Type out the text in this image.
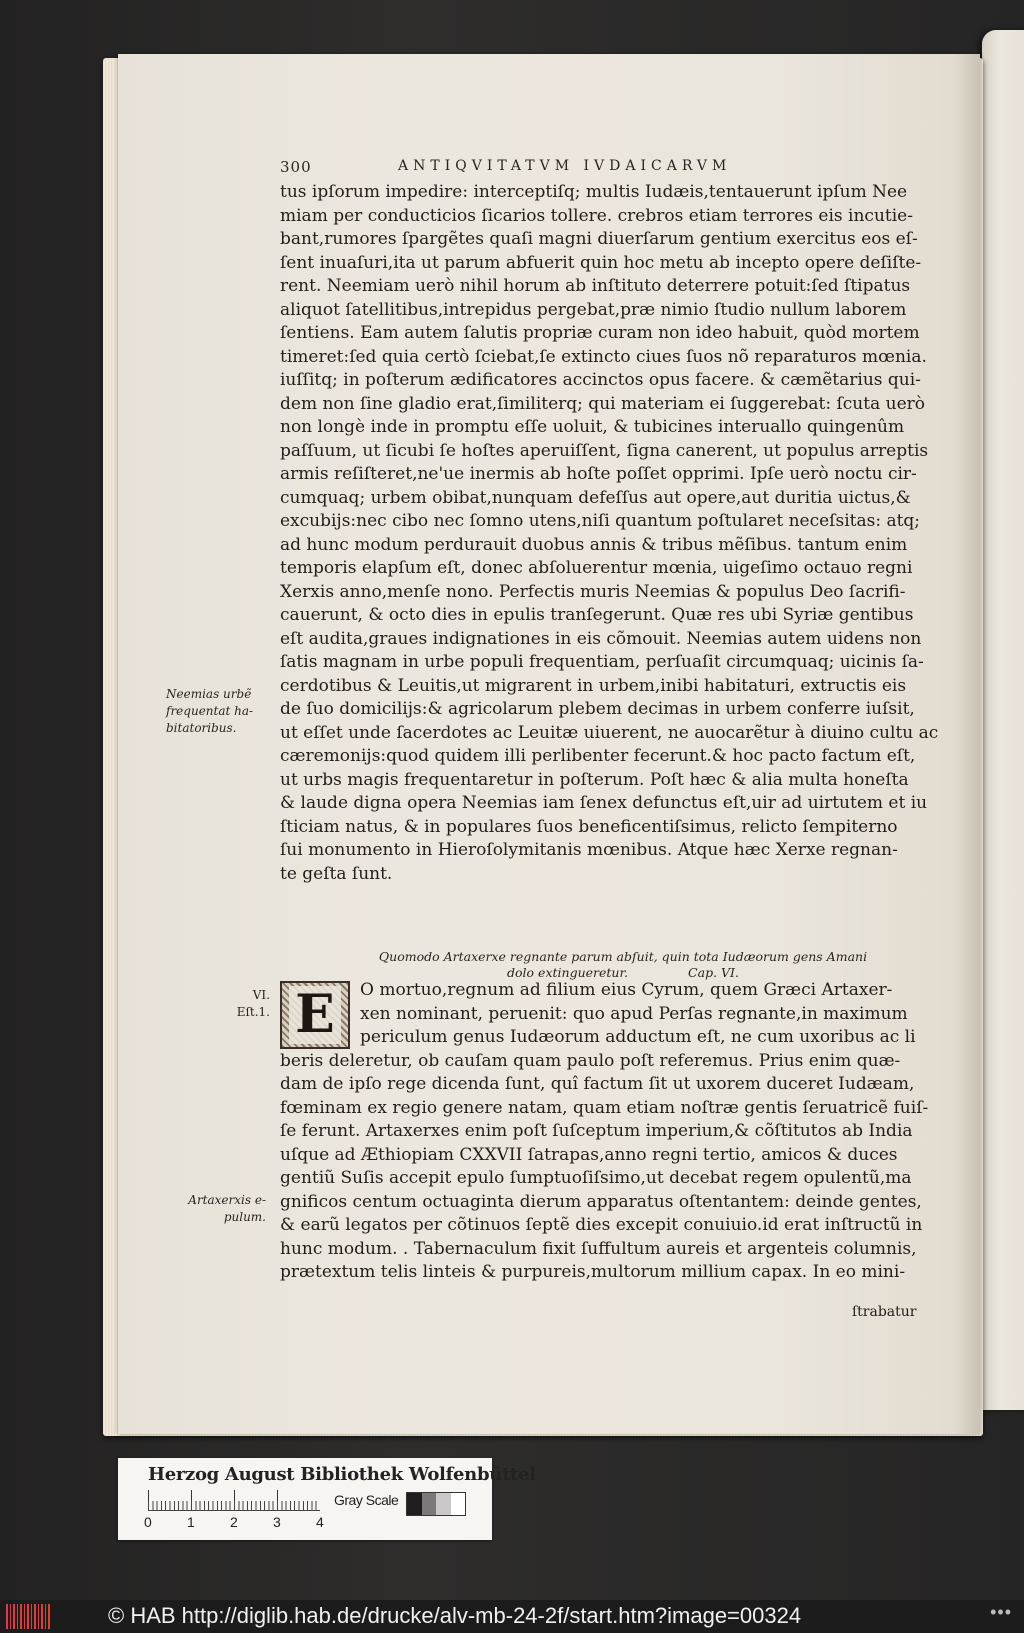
300	ANTIQVITATVM IVDAICARVM
tus ipſorum impedire: interceptiſq; multis Iudæis,tentauerunt ipſum Nee
miam per conducticios ſicarios tollere. crebros etiam terrores eis incutie-
bant,rumores ſpargẽtes quaſi magni diuerſarum gentium exercitus eos eſ-
ſent inuaſuri,ita ut parum abfuerit quin hoc metu ab incepto opere deſiſte-
rent. Neemiam uerò nihil horum ab inſtituto deterrere potuit:ſed ſtipatus
aliquot ſatellitibus,intrepidus pergebat,præ nimio ſtudio nullum laborem
ſentiens. Eam autem ſalutis propriæ curam non ideo habuit, quòd mortem
timeret:ſed quia certò ſciebat,ſe extincto ciues ſuos nõ reparaturos mœnia.
iuſſitq; in poſterum ædificatores accinctos opus facere. & cæmẽtarius qui-
dem non ſine gladio erat,ſimiliterq; qui materiam ei ſuggerebat: ſcuta uerò
non longè inde in promptu eſſe uoluit, & tubicines interuallo quingenûm
paſſuum, ut ſicubi ſe hoſtes aperuiſſent, ſigna canerent, ut populus arreptis
armis reſiſteret,ne'ue inermis ab hoſte poſſet opprimi. Ipſe uerò noctu cir-
cumquaq; urbem obibat,nunquam defeſſus aut opere,aut duritia uictus,&
excubijs:nec cibo nec ſomno utens,niſi quantum poſtularet neceſsitas: atq;
ad hunc modum perdurauit duobus annis & tribus mẽſibus. tantum enim
temporis elapſum eſt, donec abſoluerentur mœnia, uigeſimo octauo regni
Xerxis anno,menſe nono. Perfectis muris Neemias & populus Deo ſacrifi-
cauerunt, & octo dies in epulis tranſegerunt. Quæ res ubi Syriæ gentibus
eſt audita,graues indignationes in eis cõmouit. Neemias autem uidens non
ſatis magnam in urbe populi frequentiam, perſuaſit circumquaq; uicinis ſa-
cerdotibus & Leuitis,ut migrarent in urbem,inibi habitaturi, extructis eis
de ſuo domicilijs:& agricolarum plebem decimas in urbem conferre iuſsit,
ut eſſet unde ſacerdotes ac Leuitæ uiuerent, ne auocarẽtur à diuino cultu ac
cæremonijs:quod quidem illi perlibenter fecerunt.& hoc pacto factum eſt,
ut urbs magis frequentaretur in poſterum. Poſt hæc & alia multa honeſta
& laude digna opera Neemias iam ſenex defunctus eſt,uir ad uirtutem et iu
ſticiam natus, & in populares ſuos beneficentiſsimus, relicto ſempiterno
ſui monumento in Hieroſolymitanis mœnibus. Atque hæc Xerxe regnan-
te geſta ſunt.
Neemias urbẽ
frequentat ha-
bitatoribus.
Quomodo Artaxerxe regnante parum abſuit, quin tota Iudæorum gens Amani
dolo extingueretur.	Cap. VI.
VI.
Eſt.1. E	O mortuo,regnum ad filium eius Cyrum, quem Græci Artaxer-
xen nominant, peruenit: quo apud Perſas regnante,in maximum
periculum genus Iudæorum adductum eſt, ne cum uxoribus ac li
beris deleretur, ob cauſam quam paulo poſt referemus. Prius enim quæ-
dam de ipſo rege dicenda ſunt, quî factum ſit ut uxorem duceret Iudæam,
fœminam ex regio genere natam, quam etiam noſtræ gentis ſeruatricẽ fuiſ-
ſe ferunt. Artaxerxes enim poſt ſuſceptum imperium,& cõſtitutos ab India
uſque ad Æthiopiam CXXVII ſatrapas,anno regni tertio, amicos & duces
gentiũ Suſis accepit epulo ſumptuoſiſsimo,ut decebat regem opulentũ,ma
gnificos centum octuaginta dierum apparatus oſtentantem: deinde gentes,
& earũ legatos per cõtinuos ſeptẽ dies excepit conuiuio.id erat inſtructũ in
hunc modum. . Tabernaculum fixit ſuffultum aureis et argenteis columnis,
prætextum telis linteis & purpureis,multorum millium capax. In eo mini-
Artaxerxis e-
pulum.
ſtrabatur
Herzog August Bibliothek Wolfenbüttel
0	1	2	3	4
Gray Scale
© HAB http://diglib.hab.de/drucke/alv-mb-24-2f/start.htm?image=00324	•••
